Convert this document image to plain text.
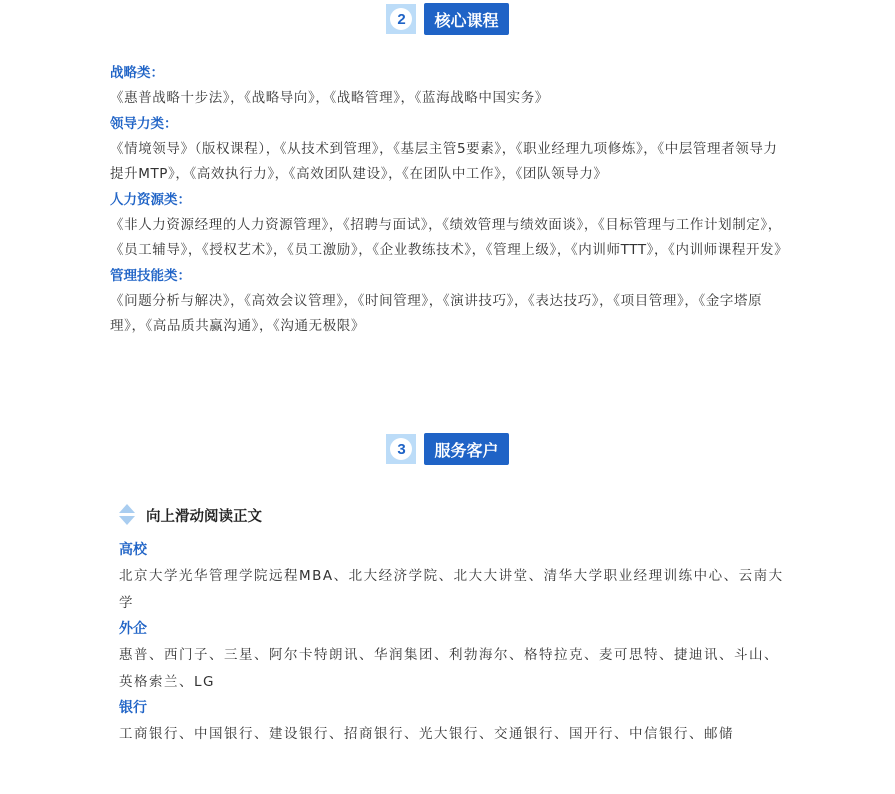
2	核心课程

战略类：

《惠普战略十步法》，《战略导向》，《战略管理》，《蓝海战略中国实务》

领导力类：

《情境领导》（版权课程），《从技术到管理》，《基层主管5要素》，《职业经理九项修炼》，《中层管理者领导力提升MTP》，《高效执行力》，《高效团队建设》，《在团队中工作》，《团队领导力》

人力资源类：

《非人力资源经理的人力资源管理》，《招聘与面试》，《绩效管理与绩效面谈》，《目标管理与工作计划制定》，《员工辅导》，《授权艺术》，《员工激励》，《企业教练技术》，《管理上级》，《内训师TTT》，《内训师课程开发》

管理技能类：

《问题分析与解决》，《高效会议管理》，《时间管理》，《演讲技巧》，《表达技巧》，《项目管理》，《金字塔原理》，《高品质共赢沟通》，《沟通无极限》

3	服务客户
向上滑动阅读正文

高校

北京大学光华管理学院远程MBA、北大经济学院、北大大讲堂、清华大学职业经理训练中心、云南大学

外企

惠普、西门子、三星、阿尔卡特朗讯、华润集团、利勃海尔、格特拉克、麦可思特、捷迪讯、斗山、英格索兰、LG

银行

工商银行、中国银行、建设银行、招商银行、光大银行、交通银行、国开行、中信银行、邮储
